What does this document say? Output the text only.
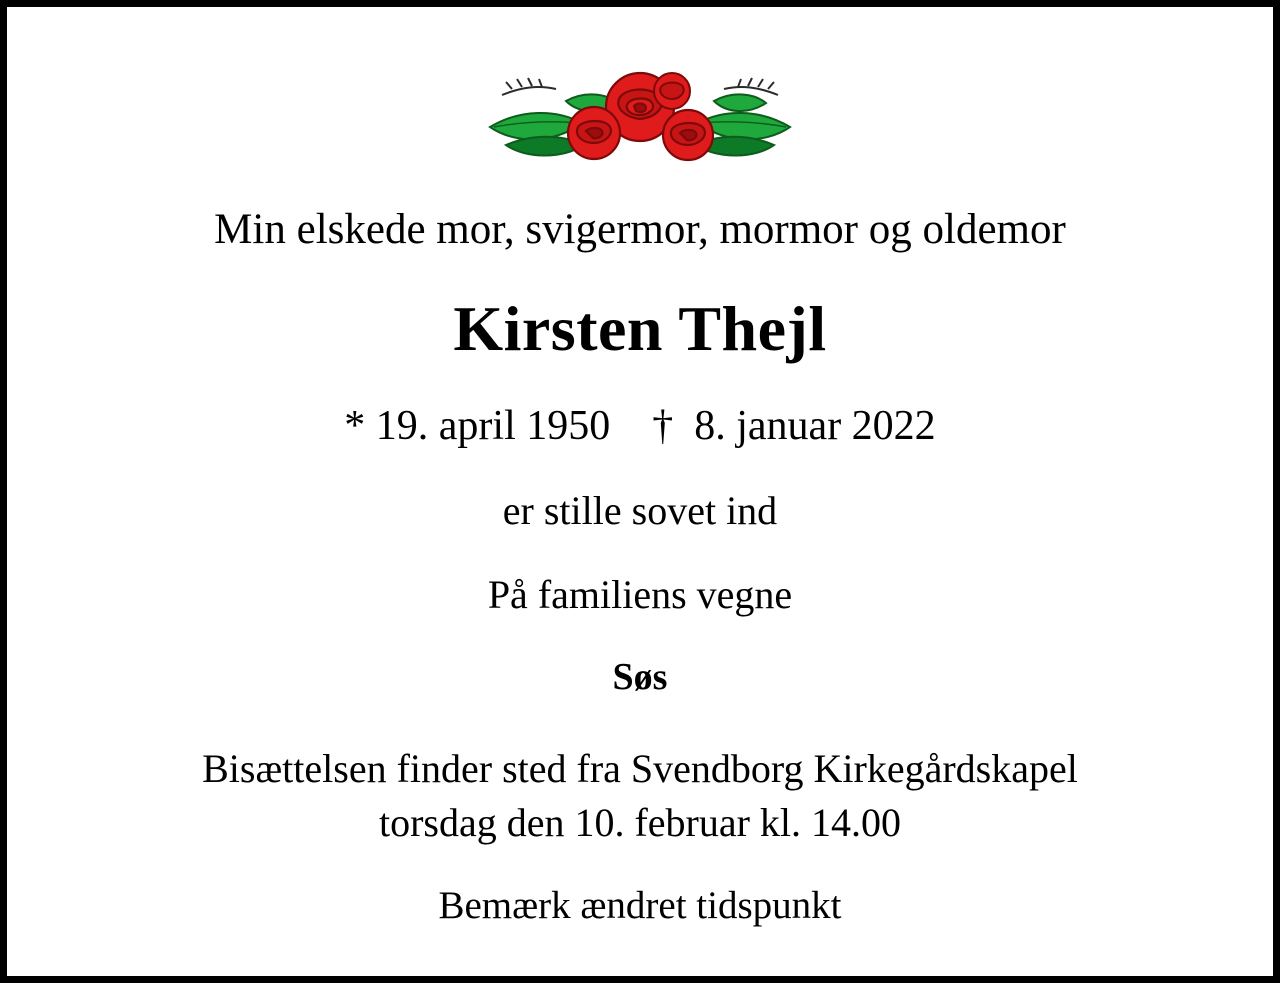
Min elskede mor, svigermor, mormor og oldemor
Kirsten Thejl
* 19. april 1950    †  8. januar 2022
er stille sovet ind
På familiens vegne
Søs
Bisættelsen finder sted fra Svendborg Kirkegårdskapel
torsdag den 10. februar kl. 14.00
Bemærk ændret tidspunkt
